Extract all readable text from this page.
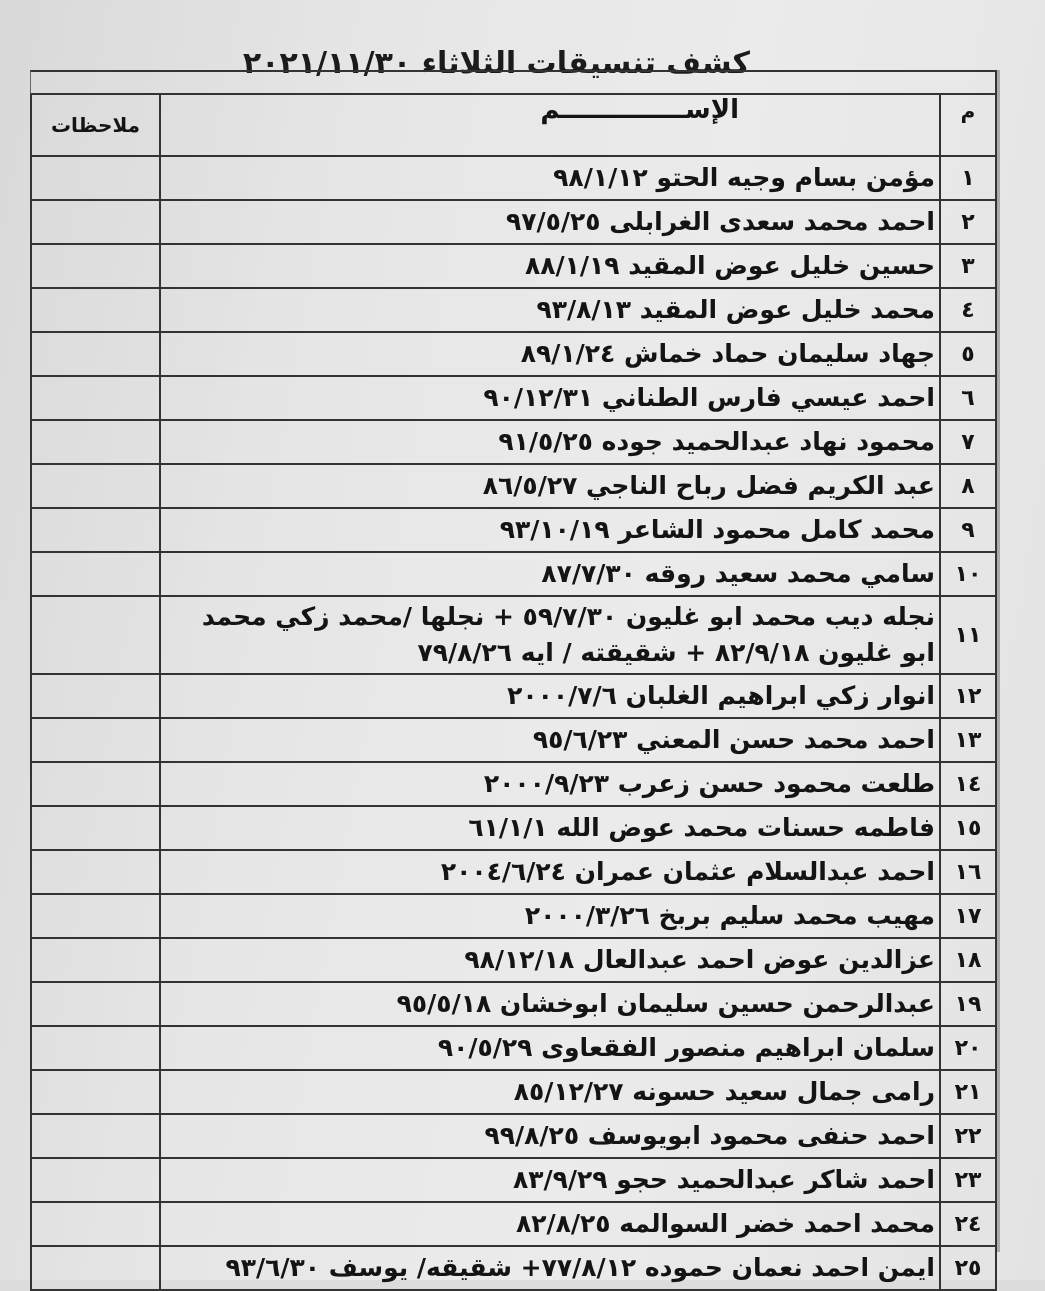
كشف تنسيقات الثلاثاء ٢٠٢١/١١/٣٠
م	الإســــــــــــــم	ملاحظات
١	مؤمن بسام وجيه الحتو ٩٨/١/١٢	

٢	احمد محمد سعدى الغرابلى ٩٧/٥/٢٥	

٣	حسين خليل عوض المقيد ٨٨/١/١٩	

٤	محمد خليل عوض المقيد ٩٣/٨/١٣	

٥	جهاد سليمان حماد خماش ٨٩/١/٢٤	

٦	احمد عيسي فارس الطناني ٩٠/١٢/٣١	

٧	محمود نهاد عبدالحميد جوده ٩١/٥/٢٥	

٨	عبد الكريم فضل رباح الناجي ٨٦/٥/٢٧	

٩	محمد كامل محمود الشاعر ٩٣/١٠/١٩	

١٠	سامي محمد سعيد روقه ٨٧/٧/٣٠	

١١	نجله ديب محمد ابو غليون ٥٩/٧/٣٠ + نجلها /محمد زكي محمد ابو غليون ٨٢/٩/١٨ + شقيقته / ايه ٧٩/٨/٢٦	

١٢	انوار زكي ابراهيم الغلبان ٢٠٠٠/٧/٦	

١٣	احمد محمد حسن المعني ٩٥/٦/٢٣	

١٤	طلعت محمود حسن زعرب ٢٠٠٠/٩/٢٣	

١٥	فاطمه حسنات محمد عوض الله ٦١/١/١	

١٦	احمد عبدالسلام عثمان عمران ٢٠٠٤/٦/٢٤	

١٧	مهيب محمد سليم بربخ ٢٠٠٠/٣/٢٦	

١٨	عزالدين عوض احمد عبدالعال ٩٨/١٢/١٨	

١٩	عبدالرحمن حسين سليمان ابوخشان ٩٥/٥/١٨	

٢٠	سلمان ابراهيم منصور الفقعاوى ٩٠/٥/٢٩	

٢١	رامى جمال سعيد حسونه ٨٥/١٢/٢٧	

٢٢	احمد حنفى محمود ابويوسف ٩٩/٨/٢٥	

٢٣	احمد شاكر عبدالحميد حجو ٨٣/٩/٢٩	

٢٤	محمد احمد خضر السوالمه ٨٢/٨/٢٥	

٢٥	ايمن احمد نعمان حموده ٧٧/٨/١٢+ شقيقه/ يوسف ٩٣/٦/٣٠	
